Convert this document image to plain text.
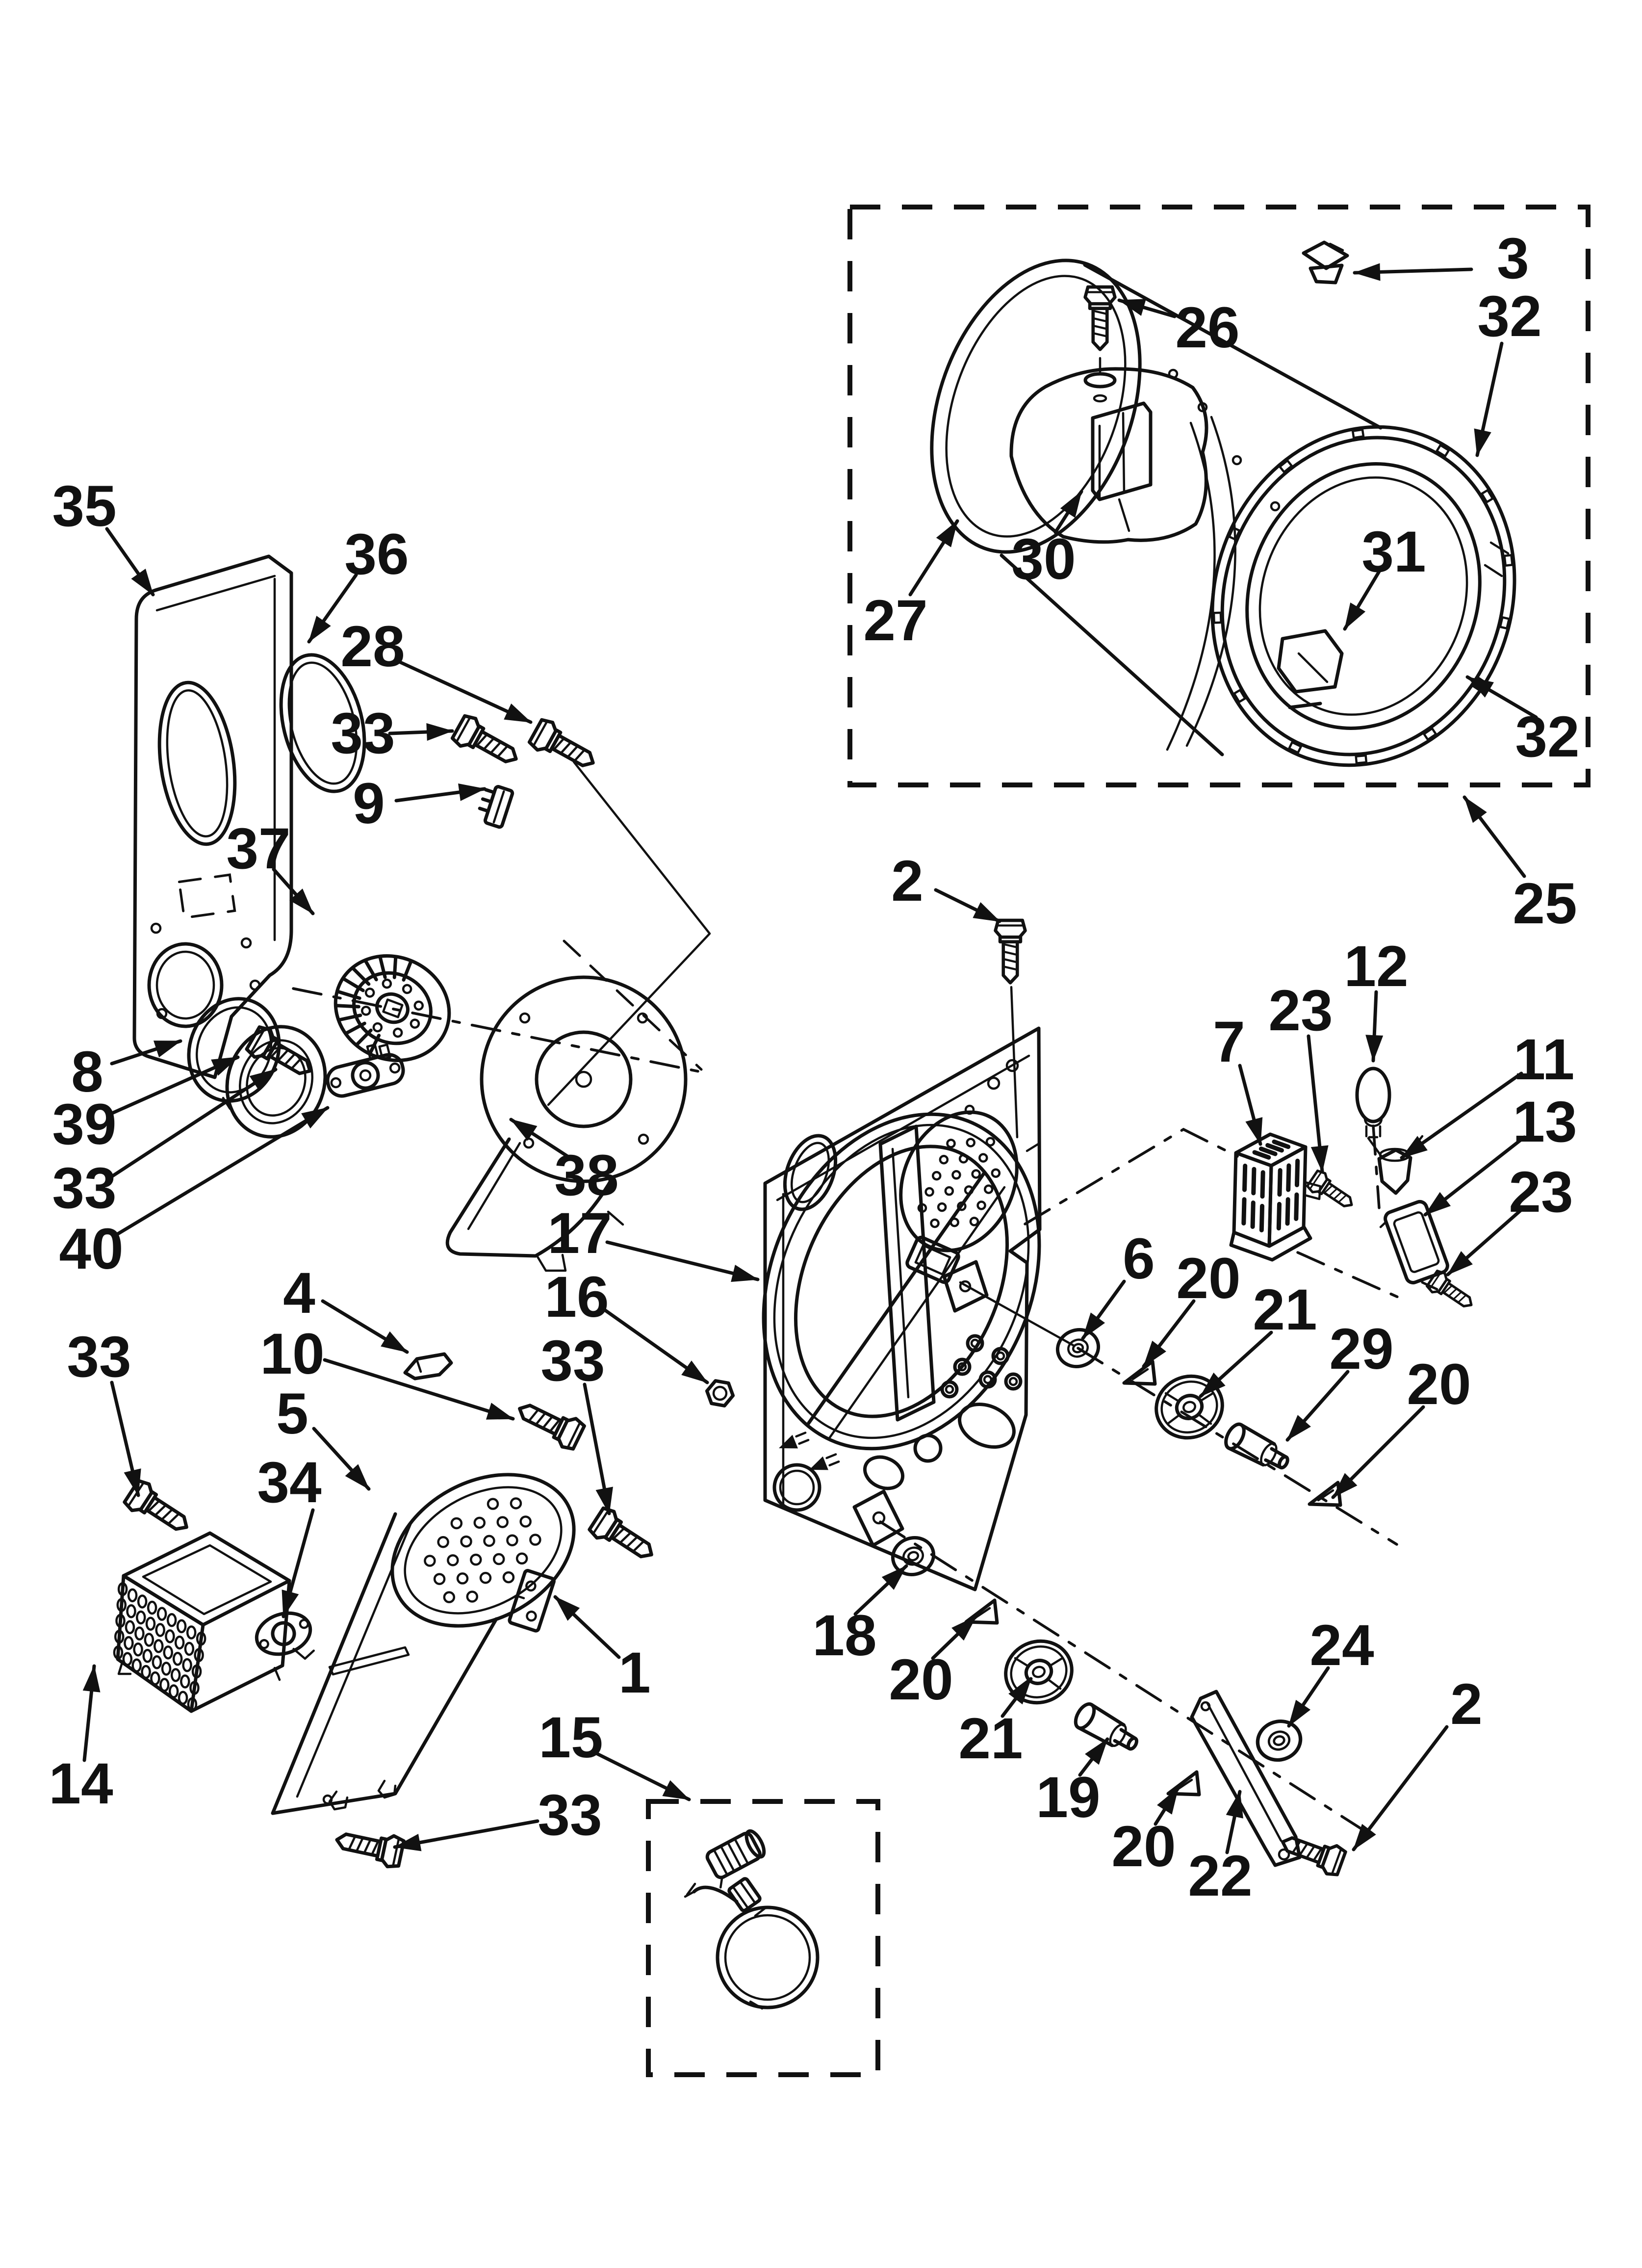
3
26	32
30	31
27
32
25
35
36
28
33
9
37
8
39
33
40
33
4
10
5
34
14
38
17
16
33
1
15
33
2
12
23
7	11
13
23
6 20 21
29
20
18
20
21
19
20
24
22
2
